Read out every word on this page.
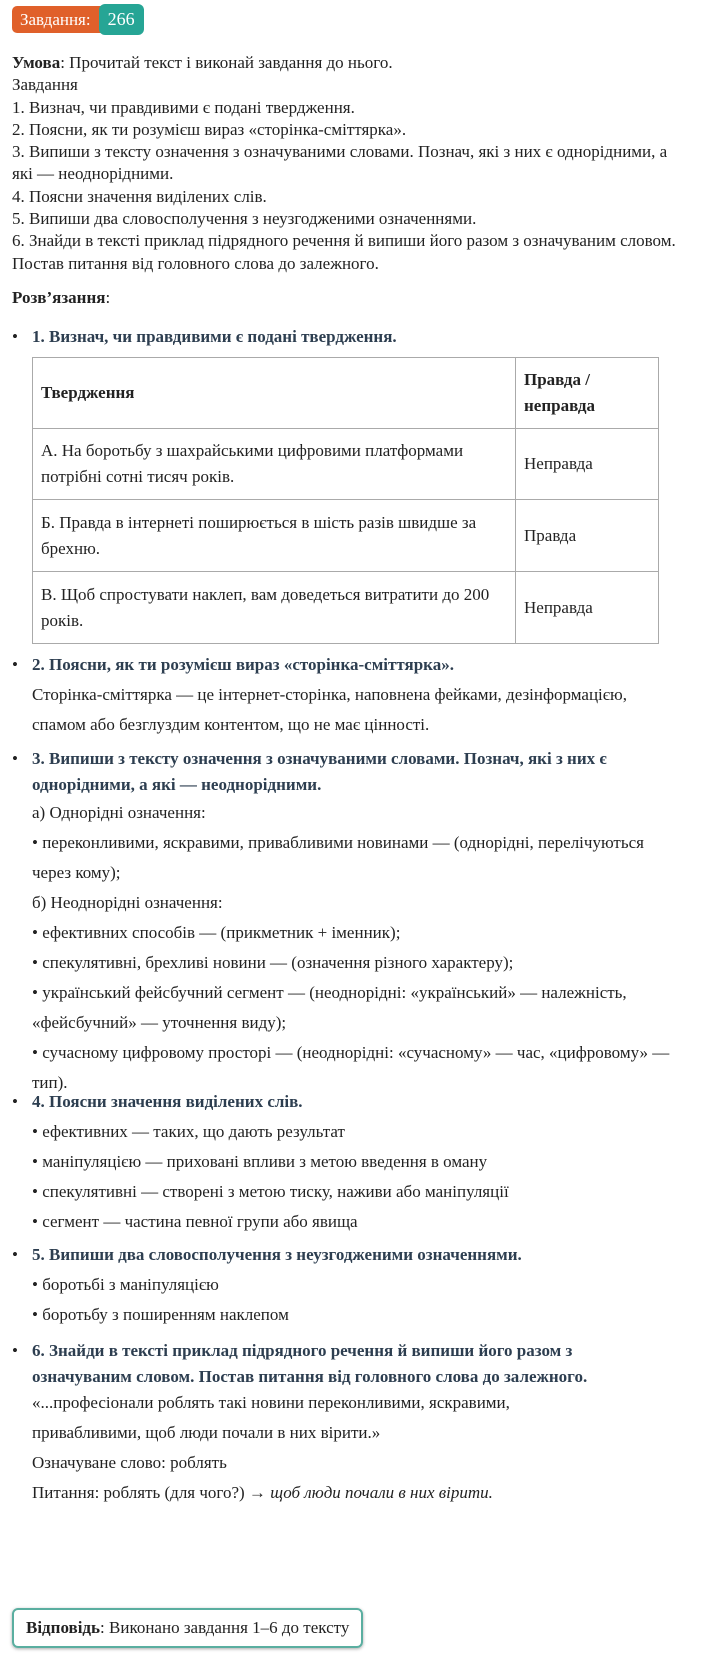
Завдання: 266
Умова: Прочитай текст і виконай завдання до нього.
Завдання
1. Визнач, чи правдивими є подані твердження.
2. Поясни, як ти розумієш вираз «сторінка-сміттярка».
3. Випиши з тексту означення з означуваними словами. Познач, які з них є однорідними, а які — неоднорідними.
4. Поясни значення виділених слів.
5. Випиши два словосполучення з неузгодженими означеннями.
6. Знайди в тексті приклад підрядного речення й випиши його разом з означуваним словом. Постав питання від головного слова до залежного.
Розв’язання:
• 1. Визнач, чи правдивими є подані твердження.
Твердження	Правда / неправда
А. На боротьбу з шахрайськими цифровими платформами потрібні сотні тисяч років.	Неправда
Б. Правда в інтернеті поширюється в шість разів швидше за брехню.	Правда
В. Щоб спростувати наклеп, вам доведеться витратити до 200 років.	Неправда
• 2. Поясни, як ти розумієш вираз «сторінка-сміттярка».
Сторінка-сміттярка — це інтернет-сторінка, наповнена фейками, дезінформацією, спамом або безглуздим контентом, що не має цінності.
• 3. Випиши з тексту означення з означуваними словами. Познач, які з них є однорідними, а які — неоднорідними.
а) Однорідні означення:
• переконливими, яскравими, привабливими новинами — (однорідні, перелічуються через кому);
б) Неоднорідні означення:
• ефективних способів — (прикметник + іменник);
• спекулятивні, брехливі новини — (означення різного характеру);
• український фейсбучний сегмент — (неоднорідні: «український» — належність, «фейсбучний» — уточнення виду);
• сучасному цифровому просторі — (неоднорідні: «сучасному» — час, «цифровому» — тип).
• 4. Поясни значення виділених слів.
• ефективних — таких, що дають результат
• маніпуляцією — приховані впливи з метою введення в оману
• спекулятивні — створені з метою тиску, наживи або маніпуляції
• сегмент — частина певної групи або явища
• 5. Випиши два словосполучення з неузгодженими означеннями.
• боротьбі з маніпуляцією
• боротьбу з поширенням наклепом
• 6. Знайди в тексті приклад підрядного речення й випиши його разом з означуваним словом. Постав питання від головного слова до залежного.
«...професіонали роблять такі новини переконливими, яскравими, привабливими, щоб люди почали в них вірити.»
Означуване слово: роблять
Питання: роблять (для чого?) → щоб люди почали в них вірити.
Відповідь: Виконано завдання 1–6 до тексту
